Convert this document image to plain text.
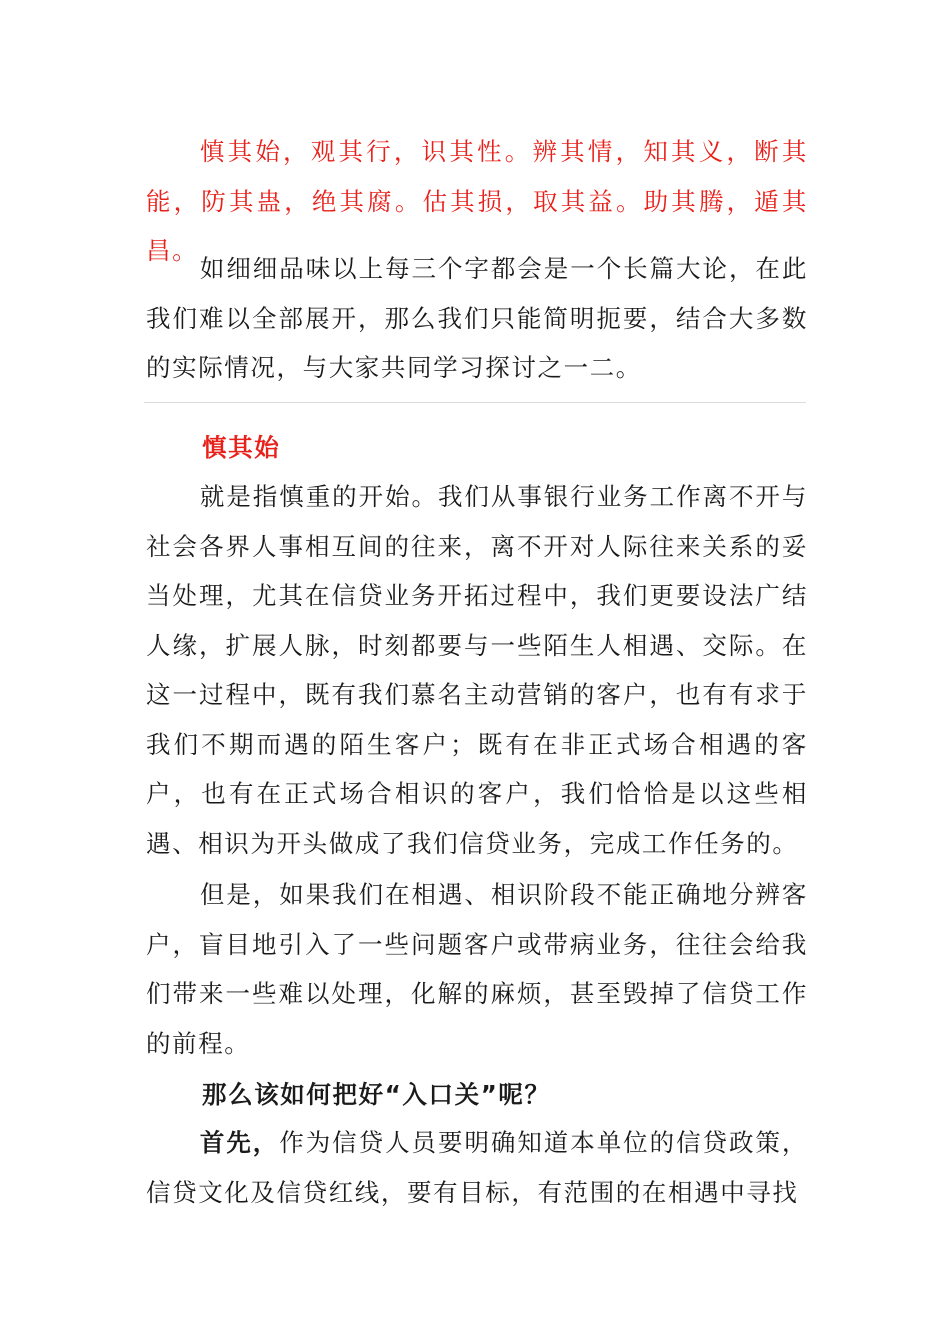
慎其始，观其行，识其性。辨其情，知其义，断其能，防其蛊，绝其腐。估其损，取其益。助其腾，遁其昌。

如细细品味以上每三个字都会是一个长篇大论，在此我们难以全部展开，那么我们只能简明扼要，结合大多数的实际情况，与大家共同学习探讨之一二。

慎其始

就是指慎重的开始。我们从事银行业务工作离不开与社会各界人事相互间的往来，离不开对人际往来关系的妥当处理，尤其在信贷业务开拓过程中，我们更要设法广结人缘，扩展人脉，时刻都要与一些陌生人相遇、交际。在这一过程中，既有我们慕名主动营销的客户，也有有求于我们不期而遇的陌生客户；既有在非正式场合相遇的客户，也有在正式场合相识的客户，我们恰恰是以这些相遇、相识为开头做成了我们信贷业务，完成工作任务的。

但是，如果我们在相遇、相识阶段不能正确地分辨客户，盲目地引入了一些问题客户或带病业务，往往会给我们带来一些难以处理，化解的麻烦，甚至毁掉了信贷工作的前程。

那么该如何把好“入口关”呢？

首先，作为信贷人员要明确知道本单位的信贷政策，信贷文化及信贷红线，要有目标，有范围的在相遇中寻找
